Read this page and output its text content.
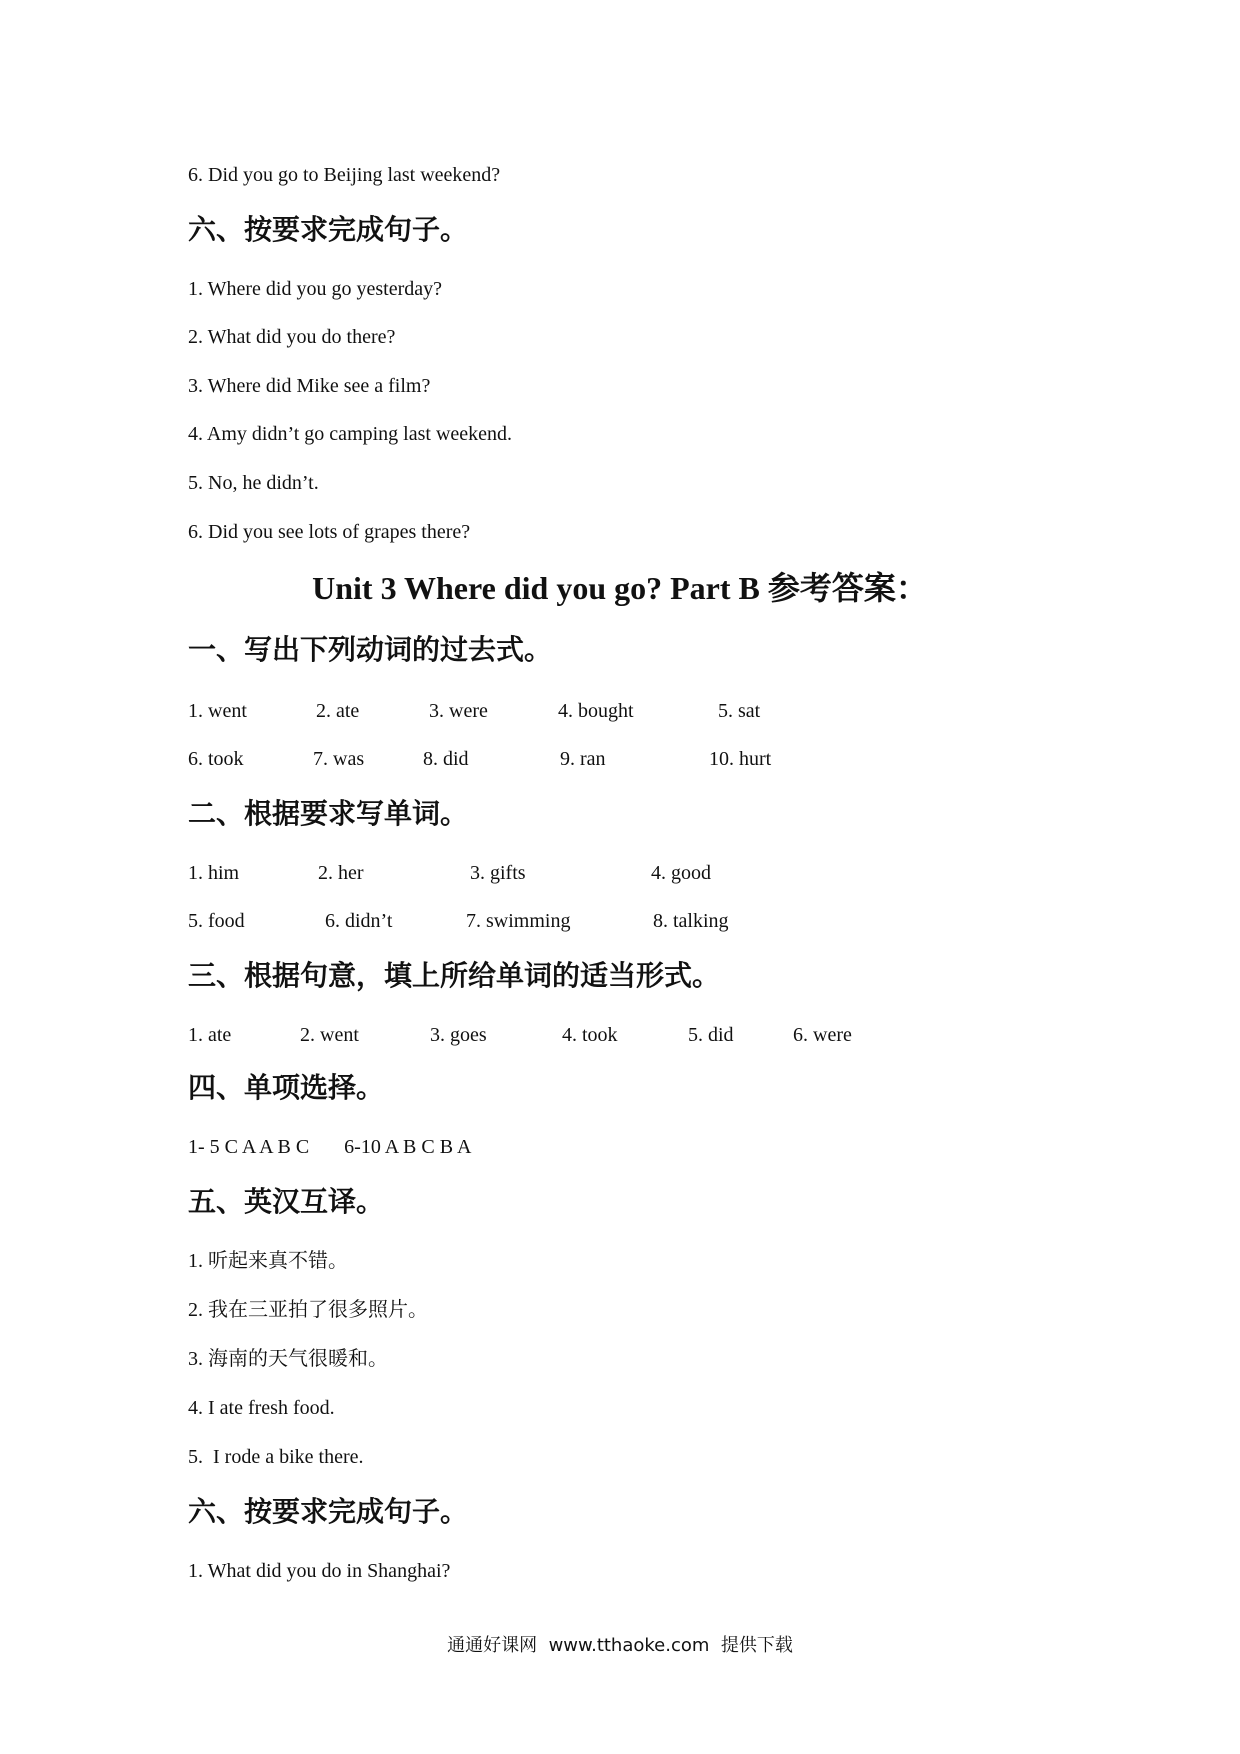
6. Did you go to Beijing last weekend?
六、按要求完成句子。
1. Where did you go yesterday?
2. What did you do there?
3. Where did Mike see a film?
4. Amy didn’t go camping last weekend.
5. No, he didn’t.
6. Did you see lots of grapes there?
Unit 3 Where did you go? Part B 参考答案：
一、写出下列动词的过去式。
1. went	2. ate	3. were	4. bought	5. sat
6. took	7. was	8. did	9. ran	10. hurt
二、根据要求写单词。
1. him	2. her	3. gifts	4. good
5. food	6. didn’t	7. swimming	8. talking
三、根据句意，填上所给单词的适当形式。
1. ate	2. went	3. goes	4. took	5. did	6. were
四、单项选择。
1- 5 C A A B C       6-10 A B C B A
五、英汉互译。
1. 听起来真不错。
2. 我在三亚拍了很多照片。
3. 海南的天气很暖和。
4. I ate fresh food.
5.  I rode a bike there.
六、按要求完成句子。
1. What did you do in Shanghai?
通通好课网  www.tthaoke.com  提供下载
